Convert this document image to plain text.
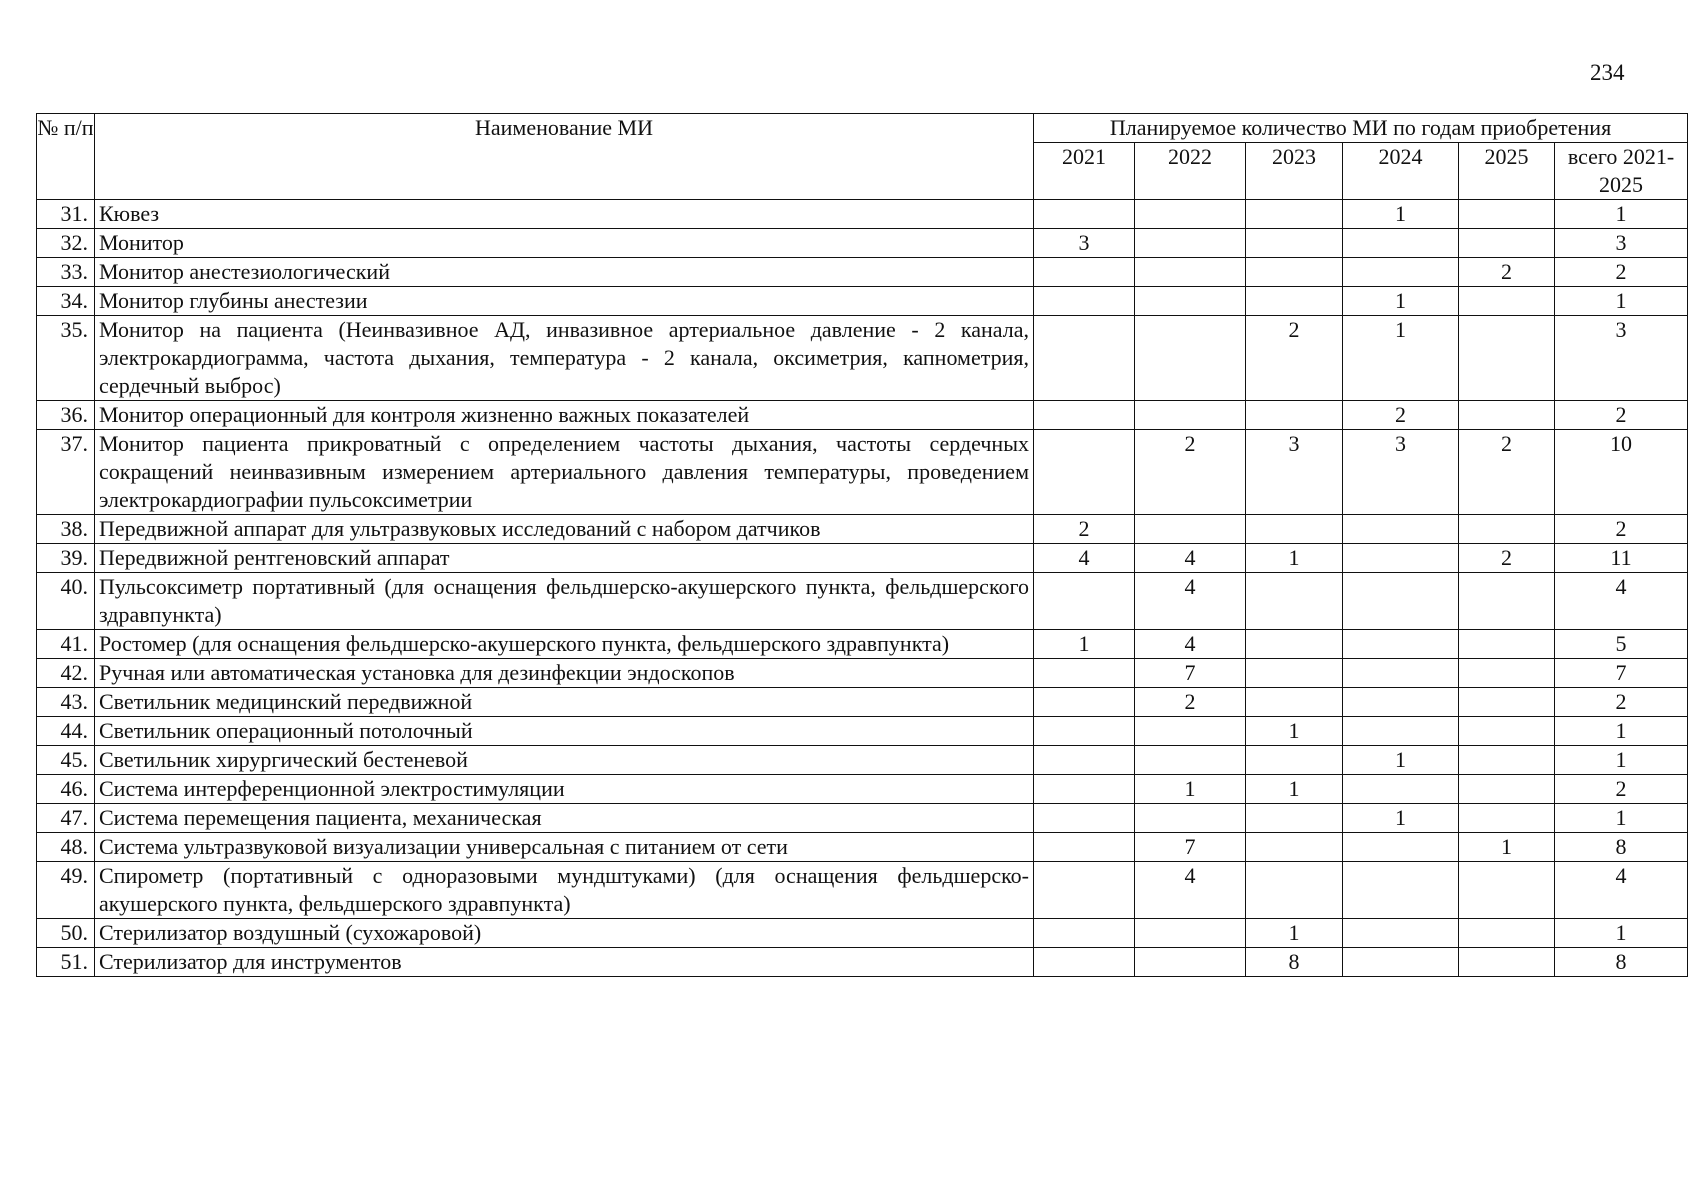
234
№ п/п	Наименование МИ	Планируемое количество МИ по годам приобретения					
		2021	2022	2023	2024	2025	всего 2021-2025
31.	Кювез				1		1
32.	Монитор	3					3
33.	Монитор анестезиологический					2	2
34.	Монитор глубины анестезии				1		1
35.	Монитор на пациента (Неинвазивное АД, инвазивное артериальное давление - 2 канала, электрокардиограмма, частота дыхания, температура - 2 канала, оксиметрия, капнометрия, сердечный выброс)			2	1		3
36.	Монитор операционный для контроля жизненно важных показателей				2		2
37.	Монитор пациента прикроватный с определением частоты дыхания, частоты сердечных сокращений неинвазивным измерением артериального давления температуры, проведением электрокардиографии пульсоксиметрии		2	3	3	2	10
38.	Передвижной аппарат для ультразвуковых исследований с набором датчиков	2					2
39.	Передвижной рентгеновский аппарат	4	4	1		2	11
40.	Пульсоксиметр портативный (для оснащения фельдшерско-акушерского пункта, фельдшерского здравпункта)		4				4
41.	Ростомер (для оснащения фельдшерско-акушерского пункта, фельдшерского здравпункта)	1	4				5
42.	Ручная или автоматическая установка для дезинфекции эндоскопов		7				7
43.	Светильник медицинский передвижной		2				2
44.	Светильник операционный потолочный			1			1
45.	Светильник хирургический бестеневой				1		1
46.	Система интерференционной электростимуляции		1	1			2
47.	Система перемещения пациента, механическая				1		1
48.	Система ультразвуковой визуализации универсальная с питанием от сети		7			1	8
49.	Спирометр (портативный с одноразовыми мундштуками) (для оснащения фельдшерско-акушерского пункта, фельдшерского здравпункта)		4				4
50.	Стерилизатор воздушный (сухожаровой)			1			1
51.	Стерилизатор для инструментов			8			8
